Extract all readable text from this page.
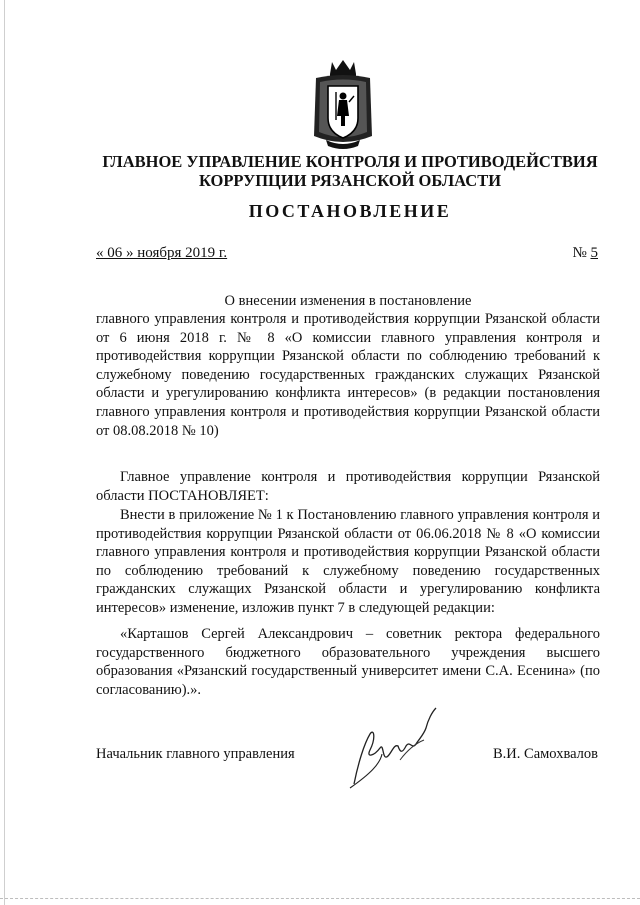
ГЛАВНОЕ УПРАВЛЕНИЕ КОНТРОЛЯ И ПРОТИВОДЕЙСТВИЯ
КОРРУПЦИИ РЯЗАНСКОЙ ОБЛАСТИ
ПОСТАНОВЛЕНИЕ
« 06 » ноября 2019 г.	№ 5
О внесении изменения в постановление
главного управления контроля и противодействия коррупции Рязанской области от 6 июня 2018 г. № 8 «О комиссии главного управления контроля и противодействия коррупции Рязанской области по соблюдению требований к служебному поведению государственных гражданских служащих Рязанской области и урегулированию конфликта интересов» (в редакции постановления главного управления контроля и противодействия коррупции Рязанской области от 08.08.2018 № 10)
Главное управление контроля и противодействия коррупции Рязанской области ПОСТАНОВЛЯЕТ:
Внести в приложение № 1 к Постановлению главного управления контроля и противодействия коррупции Рязанской области от 06.06.2018 № 8 «О комиссии главного управления контроля и противодействия коррупции Рязанской области по соблюдению требований к служебному поведению государственных гражданских служащих Рязанской области и урегулированию конфликта интересов» изменение, изложив пункт 7 в следующей редакции:
«Карташов Сергей Александрович – советник ректора федерального государственного бюджетного образовательного учреждения высшего образования «Рязанский государственный университет имени С.А. Есенина» (по согласованию).».
Начальник главного управления	В.И. Самохвалов
